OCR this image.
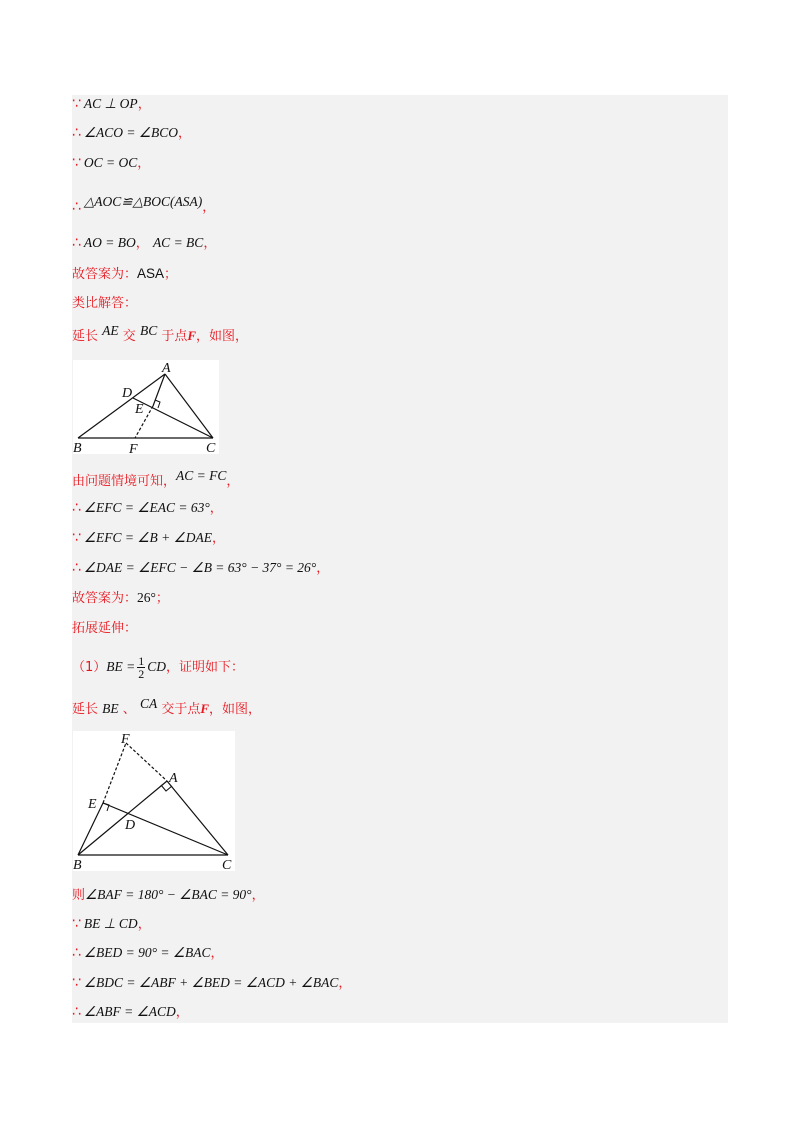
∵ AC ⊥ OP，
∴ ∠ACO = ∠BCO，
∵ OC = OC，
∴ △AOC≌△BOC(ASA)，
∴ AO = BO， AC = BC，
故答案为：ASA；
类比解答：
延长 AE 交 BC 于点F，如图，
A
B	C
D
E
F
由问题情境可知，AC = FC，
∴ ∠EFC = ∠EAC = 63°，
∵ ∠EFC = ∠B + ∠DAE，
∴ ∠DAE = ∠EFC − ∠B = 63° − 37° = 26°，
故答案为：26°；
拓展延伸：
$(1)BE = \frac{1}{2}$ CD，证明如下：
延长 BE 、 CA 交于点F，如图，
F
A
E
D
B	C
则∠BAF = 180° − ∠BAC = 90°，
∵ BE ⊥ CD，
∴ ∠BED = 90° = ∠BAC，
∵ ∠BDC = ∠ABF + ∠BED = ∠ACD + ∠BAC，
∴ ∠ABF = ∠ACD，
